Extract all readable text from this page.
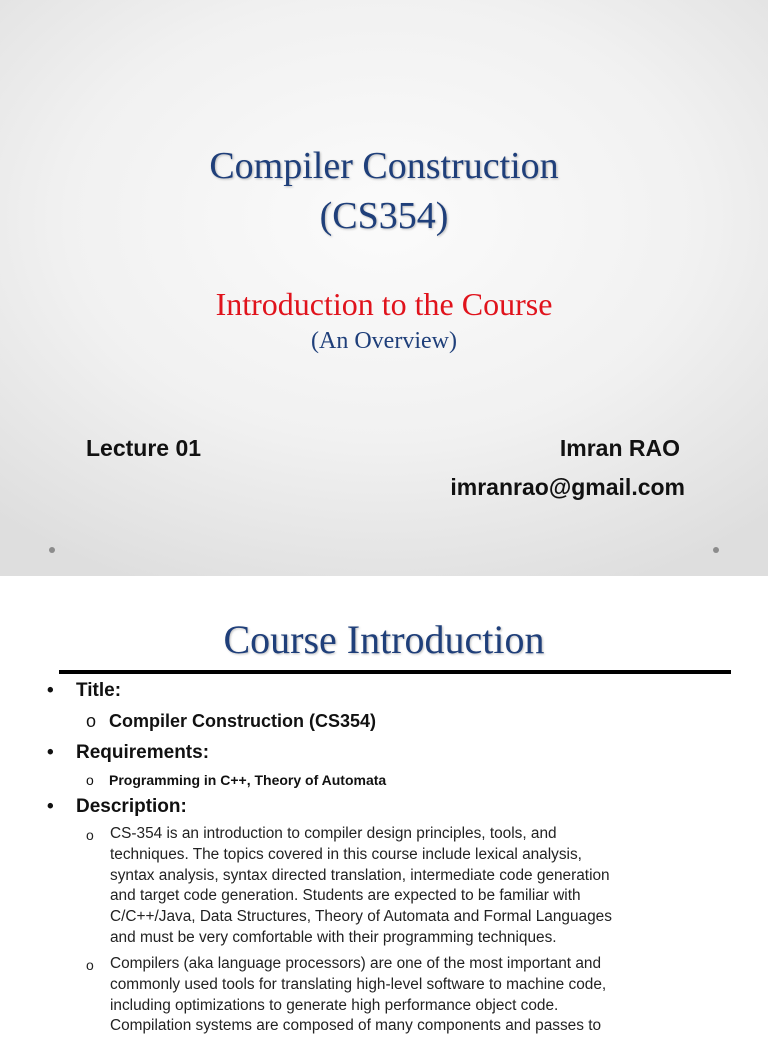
Compiler Construction
(CS354)
Introduction to the Course
(An Overview)
Lecture 01	Imran RAO
imranrao@gmail.com
Course Introduction
• Title:
o Compiler Construction (CS354)
• Requirements:
o Programming in C++, Theory of Automata
• Description:
o CS-354 is an introduction to compiler design principles, tools, and
techniques. The topics covered in this course include lexical analysis,
syntax analysis, syntax directed translation, intermediate code generation
and target code generation. Students are expected to be familiar with
C/C++/Java, Data Structures, Theory of Automata and Formal Languages
and must be very comfortable with their programming techniques.
o Compilers (aka language processors) are one of the most important and
commonly used tools for translating high-level software to machine code,
including optimizations to generate high performance object code.
Compilation systems are composed of many components and passes to
